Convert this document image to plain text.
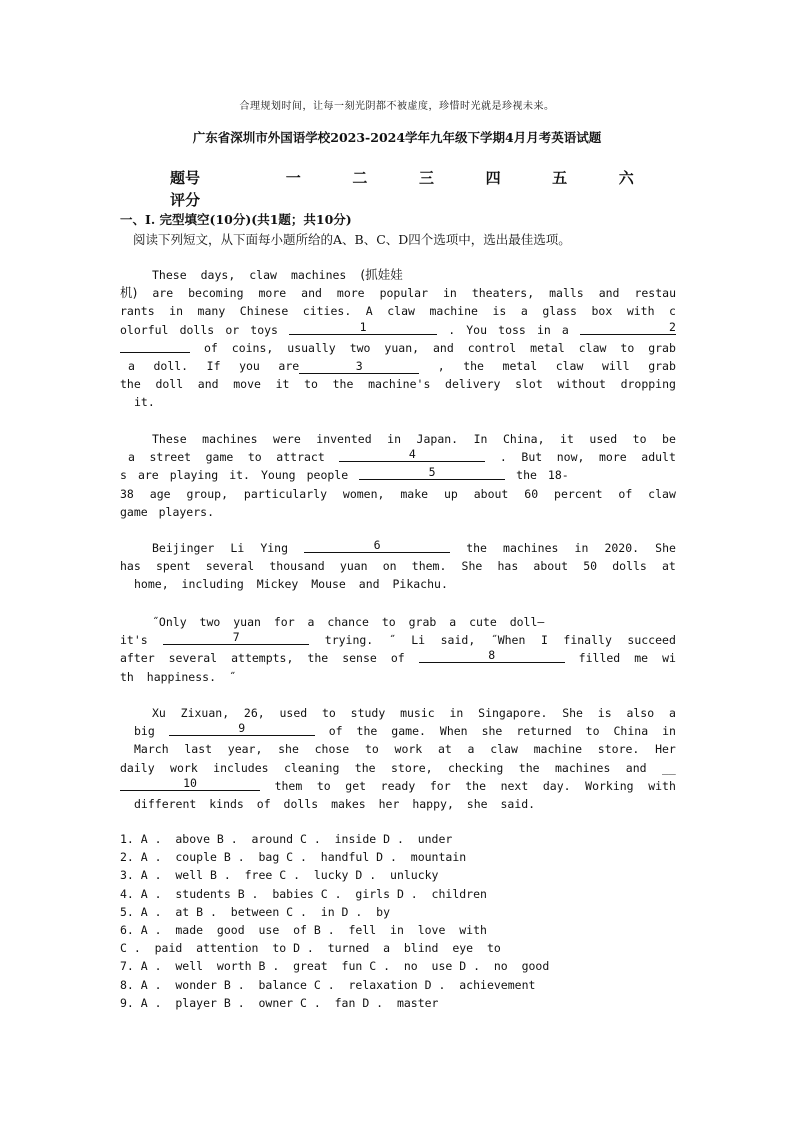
合理规划时间，让每一刻光阴都不被虚度，珍惜时光就是珍视未来。
广东省深圳市外国语学校2023-2024学年九年级下学期4月月考英语试题
题号	一	二	三	四	五	六
评分
一、Ⅰ. 完型填空(10分)(共1题；共10分)
阅读下列短文，从下面每小题所给的A、B、C、D四个选项中，选出最佳选项。
These days, claw machines (抓娃娃
机) are becoming more and more popular in theaters, malls and restau
rants in many Chinese cities. A claw machine is a glass box with c
olorful dolls or toys	1	. You toss in a	2
of coins, usually two yuan, and control metal claw to grab
a doll. If you are	3	, the metal claw will grab
the doll and move it to the machine's delivery slot without dropping
it.
These machines were invented in Japan. In China, it used to be
a street game to attract	4	. But now, more adult
s are playing it. Young people	5	the 18-
38 age group, particularly women, make up about 60 percent of claw
game players.
Beijinger Li Ying	6	the machines in 2020. She
has spent several thousand yuan on them. She has about 50 dolls at
home, including Mickey Mouse and Pikachu.
˝Only two yuan for a chance to grab a cute doll—
it's	7	trying. ˝ Li said, ˝When I finally succeed
after several attempts, the sense of	8	filled me wi
th happiness. ˝
Xu Zixuan, 26, used to study music in Singapore. She is also a
big	9	of the game. When she returned to China in
March last year, she chose to work at a claw machine store. Her
daily work includes cleaning the store, checking the machines and __
10	them to get ready for the next day. Working with
different kinds of dolls makes her happy, she said.
1. A .  above B .  around C .  inside D .  under
2. A .  couple B .  bag C .  handful D .  mountain
3. A .  well B .  free C .  lucky D .  unlucky
4. A .  students B .  babies C .  girls D .  children
5. A .  at B .  between C .  in D .  by
6. A .  made  good  use  of B .  fell  in  love  with
C .  paid  attention  to D .  turned  a  blind  eye  to
7. A .  well  worth B .  great  fun C .  no  use D .  no  good
8. A .  wonder B .  balance C .  relaxation D .  achievement
9. A .  player B .  owner C .  fan D .  master
